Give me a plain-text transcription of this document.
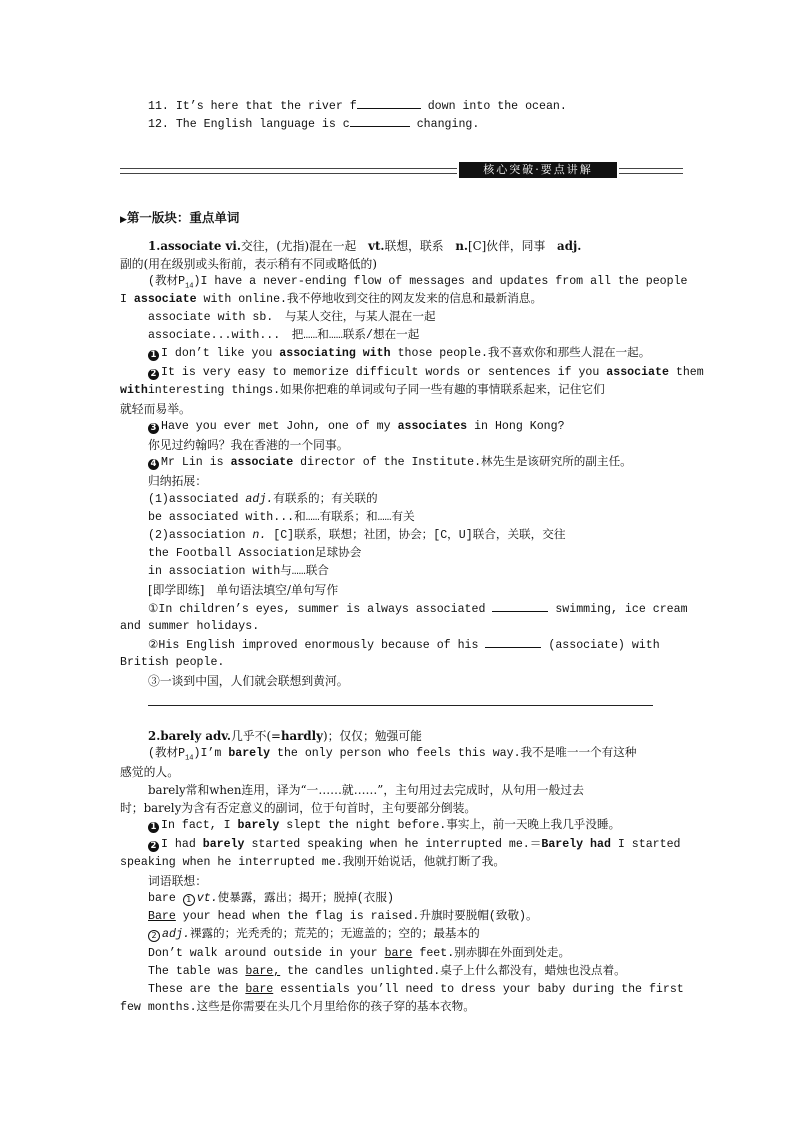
11. It’s here that the river f	down into the ocean.
12. The English language is c	changing.
核心突破·要点讲解
▶第一版块：重点单词
1.associate vi.交往，(尤指)混在一起　vt.联想，联系　n.[C]伙伴，同事　adj.
副的(用在级别或头衔前，表示稍有不同或略低的)
(教材$P_{14})I$ have a never-ending flow of messages and updates from all the people
I associate with online.我不停地收到交往的网友发来的信息和最新消息。
associate with sb.　与某人交往，与某人混在一起
associate...with...　把……和……联系/想在一起
1 I don’t like you associating with those people.我不喜欢你和那些人混在一起。
2 It is very easy to memorize difficult words or sentences if you associate them
withinteresting things.如果你把难的单词或句子同一些有趣的事情联系起来，记住它们
就轻而易举。
3 Have you ever met John, one of my associates in Hong Kong?
你见过约翰吗？我在香港的一个同事。
4 Mr Lin is associate director of the Institute.林先生是该研究所的副主任。
归纳拓展：
(1)associated adj.有联系的；有关联的
be associated with...和……有联系；和……有关
(2)association n. [C]联系，联想；社团，协会；[C，U]联合，关联，交往
the Football Association足球协会
in association with与……联合
[即学即练]　单句语法填空/单句写作
①In children’s eyes, summer is always associated	swimming, ice cream
and summer holidays.
②His English improved enormously because of his	(associate) with
British people.
③一谈到中国，人们就会联想到黄河。
2.barely adv.几乎不(=hardly)；仅仅；勉强可能
(教材$P_{14})I’m$ barely the only person who feels this way.我不是唯一一个有这种
感觉的人。
barely常和when连用，译为“一……就……”，主句用过去完成时，从句用一般过去
时；barely为含有否定意义的副词，位于句首时，主句要部分倒装。
1 In fact, I barely slept the night before.事实上，前一天晚上我几乎没睡。
2 I had barely started speaking when he interrupted me.＝Barely had I started
speaking when he interrupted me.我刚开始说话，他就打断了我。
词语联想：
bare 1 vt.使暴露，露出；揭开；脱掉(衣服)
Bare your head when the flag is raised.升旗时要脱帽(致敬)。
2 adj.裸露的；光秃秃的；荒芜的；无遮盖的；空的；最基本的
Don’t walk around outside in your bare feet.别赤脚在外面到处走。
The table was bare, the candles unlighted.桌子上什么都没有，蜡烛也没点着。
These are the bare essentials you’ll need to dress your baby during the first
few months.这些是你需要在头几个月里给你的孩子穿的基本衣物。
